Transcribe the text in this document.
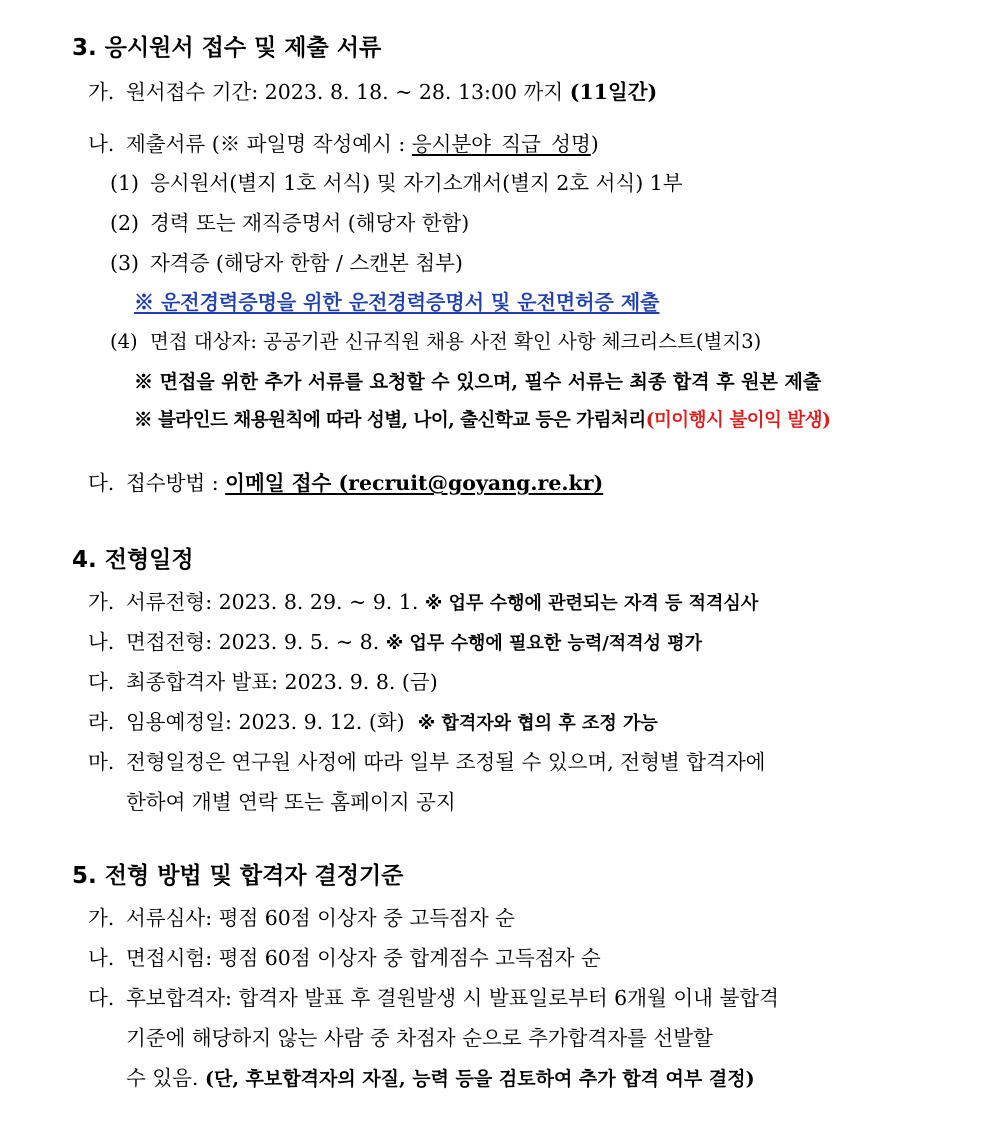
3. 응시원서 접수 및 제출 서류
가. 원서접수 기간: 2023. 8. 18. ~ 28. 13:00 까지 (11일간)
나. 제출서류 (※ 파일명 작성예시 : 응시분야_직급_성명)
(1) 응시원서(별지 1호 서식) 및 자기소개서(별지 2호 서식) 1부
(2) 경력 또는 재직증명서 (해당자 한함)
(3) 자격증 (해당자 한함 / 스캔본 첨부)
※ 운전경력증명을 위한 운전경력증명서 및 운전면허증 제출
(4) 면접 대상자: 공공기관 신규직원 채용 사전 확인 사항 체크리스트(별지3)
※ 면접을 위한 추가 서류를 요청할 수 있으며, 필수 서류는 최종 합격 후 원본 제출
※ 블라인드 채용원칙에 따라 성별, 나이, 출신학교 등은 가림처리(미이행시 불이익 발생)
다. 접수방법 : 이메일 접수 (recruit@goyang.re.kr)
4. 전형일정
가. 서류전형: 2023. 8. 29. ~ 9. 1. ※ 업무 수행에 관련되는 자격 등 적격심사
나. 면접전형: 2023. 9. 5. ~ 8. ※ 업무 수행에 필요한 능력/적격성 평가
다. 최종합격자 발표: 2023. 9. 8. (금)
라. 임용예정일: 2023. 9. 12. (화) ※ 합격자와 협의 후 조정 가능
마. 전형일정은 연구원 사정에 따라 일부 조정될 수 있으며, 전형별 합격자에
한하여 개별 연락 또는 홈페이지 공지
5. 전형 방법 및 합격자 결정기준
가. 서류심사: 평점 60점 이상자 중 고득점자 순
나. 면접시험: 평점 60점 이상자 중 합계점수 고득점자 순
다. 후보합격자: 합격자 발표 후 결원발생 시 발표일로부터 6개월 이내 불합격
기준에 해당하지 않는 사람 중 차점자 순으로 추가합격자를 선발할
수 있음. (단, 후보합격자의 자질, 능력 등을 검토하여 추가 합격 여부 결정)
